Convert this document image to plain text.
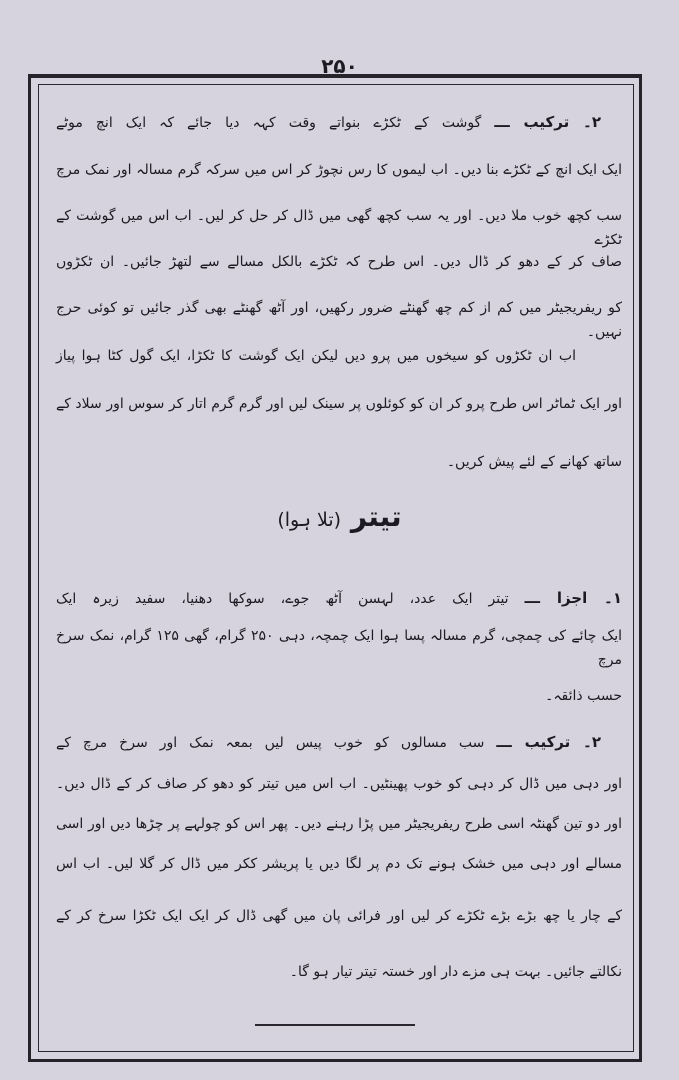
۲۵۰
۲۔ ترکیب ـــ گوشت کے ٹکڑے بنواتے وقت کہہ دیا جائے کہ ایک انچ موٹے
ایک ایک انچ کے ٹکڑے بنا دیں۔ اب لیموں کا رس نچوڑ کر اس میں سرکہ گرم مسالہ اور نمک مرچ
سب کچھ خوب ملا دیں۔ اور یہ سب کچھ گھی میں ڈال کر حل کر لیں۔ اب اس میں گوشت کے ٹکڑے
صاف کر کے دھو کر ڈال دیں۔ اس طرح کہ ٹکڑے بالکل مسالے سے لتھڑ جائیں۔ ان ٹکڑوں
کو ریفریجیٹر میں کم از کم چھ گھنٹے ضرور رکھیں، اور آٹھ گھنٹے بھی گذر جائیں تو کوئی حرج نہیں۔
اب ان ٹکڑوں کو سیخوں میں پرو دیں لیکن ایک گوشت کا ٹکڑا، ایک گول کٹا ہوا پیاز
اور ایک ٹماٹر اس طرح پرو کر ان کو کوئلوں پر سینک لیں اور گرم گرم اتار کر سوس اور سلاد کے
ساتھ کھانے کے لئے پیش کریں۔
تیتر (تلا ہوا)
۱۔ اجزا ـــ تیتر ایک عدد، لہسن آٹھ جوے، سوکھا دھنیا، سفید زیرہ ایک
ایک چائے کی چمچی، گرم مسالہ پسا ہوا ایک چمچہ، دہی ۲۵۰ گرام، گھی ۱۲۵ گرام، نمک سرخ مرچ
حسب ذائقہ۔
۲۔ ترکیب ـــ سب مسالوں کو خوب پیس لیں بمعہ نمک اور سرخ مرچ کے
اور دہی میں ڈال کر دہی کو خوب پھینٹیں۔ اب اس میں تیتر کو دھو کر صاف کر کے ڈال دیں۔
اور دو تین گھنٹہ اسی طرح ریفریجیٹر میں پڑا رہنے دیں۔ پھر اس کو چولہے پر چڑھا دیں اور اسی
مسالے اور دہی میں خشک ہونے تک دم پر لگا دیں یا پریشر ککر میں ڈال کر گلا لیں۔ اب اس
کے چار یا چھ بڑے بڑے ٹکڑے کر لیں اور فرائی پان میں گھی ڈال کر ایک ایک ٹکڑا سرخ کر کے
نکالتے جائیں۔ بہت ہی مزے دار اور خستہ تیتر تیار ہو گا۔
